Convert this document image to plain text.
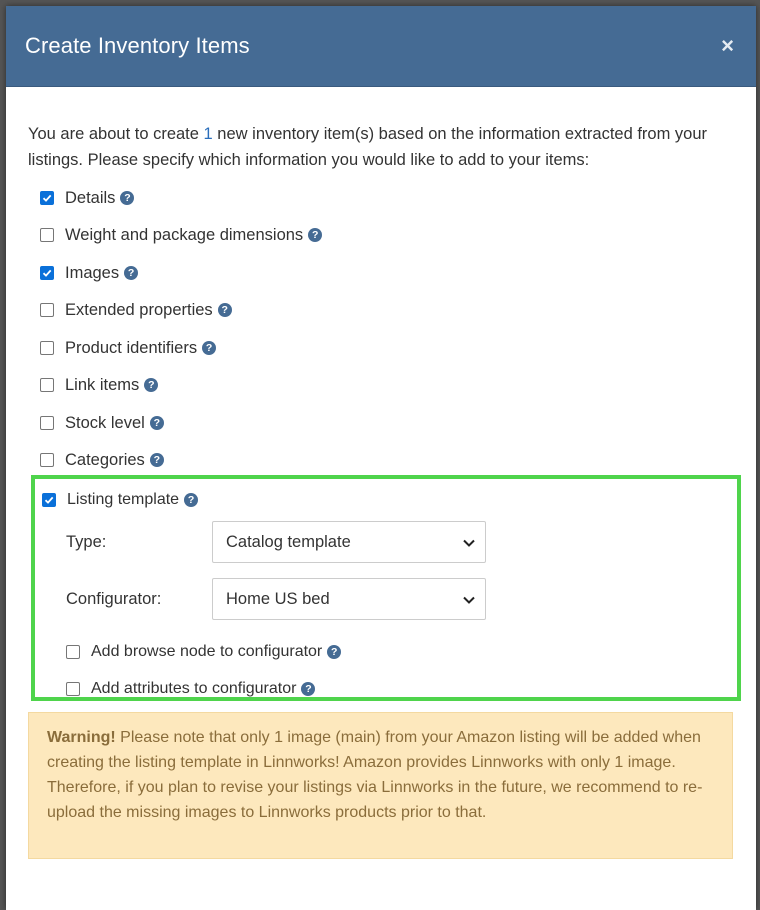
Create Inventory Items	×

You are about to create 1 new inventory item(s) based on the information extracted from your listings. Please specify which information you would like to add to your items:

Details ?
Weight and package dimensions ?
Images ?
Extended properties ?
Product identifiers ?
Link items ?
Stock level ?
Categories ?
Listing template ?
Type:	Catalog template
Configurator:	Home US bed
Add browse node to configurator ?
Add attributes to configurator ?
Warning! Please note that only 1 image (main) from your Amazon listing will be added when creating the listing template in Linnworks! Amazon provides Linnworks with only 1 image. Therefore, if you plan to revise your listings via Linnworks in the future, we recommend to re-upload the missing images to Linnworks products prior to that.
